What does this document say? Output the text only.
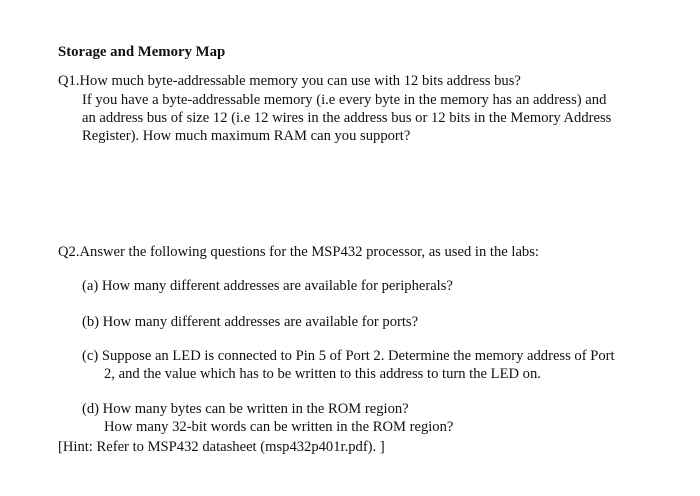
Storage and Memory Map
Q1.How much byte-addressable memory you can use with 12 bits address bus?
If you have a byte-addressable memory (i.e every byte in the memory has an address) and
an address bus of size 12 (i.e 12 wires in the address bus or 12 bits in the Memory Address
Register). How much maximum RAM can you support?
Q2.Answer the following questions for the MSP432 processor, as used in the labs:
(a) How many different addresses are available for peripherals?
(b) How many different addresses are available for ports?
(c) Suppose an LED is connected to Pin 5 of Port 2. Determine the memory address of Port
2, and the value which has to be written to this address to turn the LED on.
(d) How many bytes can be written in the ROM region?
How many 32-bit words can be written in the ROM region?
[Hint: Refer to MSP432 datasheet (msp432p401r.pdf). ]
